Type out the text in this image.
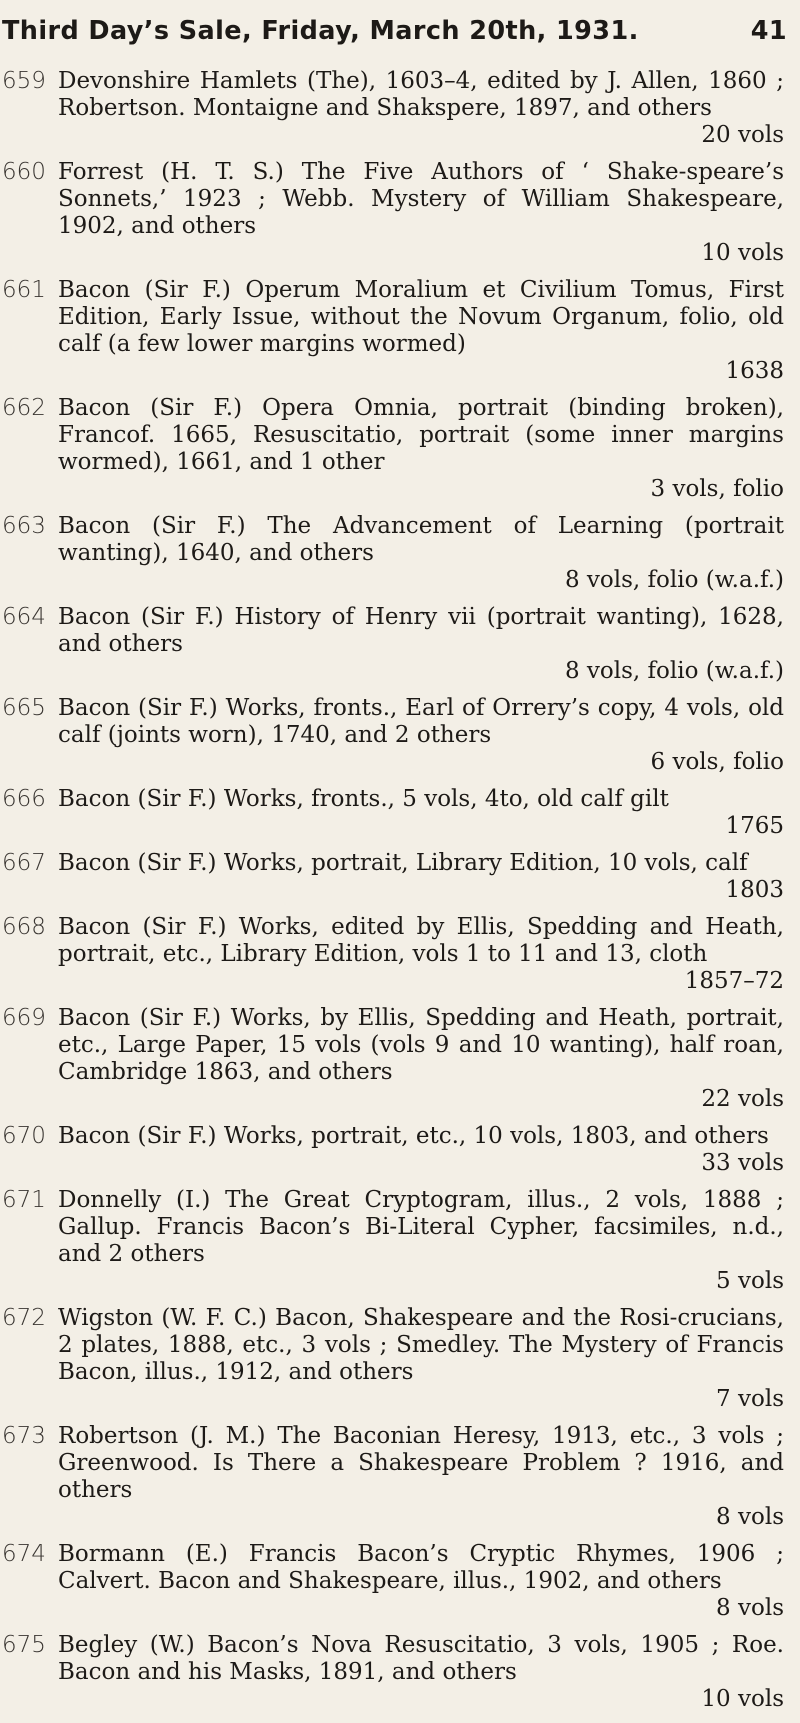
Third Day’s Sale, Friday, March 20th, 1931.	41
659 Devonshire Hamlets (The), 1603–4, edited by J. Allen, 1860 ; Robertson. Montaigne and Shakspere, 1897, and others
20 vols
660 Forrest (H. T. S.) The Five Authors of ‘ Shake-speare’s Sonnets,’ 1923 ; Webb. Mystery of William Shakespeare, 1902, and others
10 vols
661 Bacon (Sir F.) Operum Moralium et Civilium Tomus, First Edition, Early Issue, without the Novum Organum, folio, old calf (a few lower margins wormed)
1638
662 Bacon (Sir F.) Opera Omnia, portrait (binding broken), Francof. 1665, Resuscitatio, portrait (some inner margins wormed), 1661, and 1 other
3 vols, folio
663 Bacon (Sir F.) The Advancement of Learning (portrait wanting), 1640, and others
8 vols, folio (w.a.f.)
664 Bacon (Sir F.) History of Henry vii (portrait wanting), 1628, and others
8 vols, folio (w.a.f.)
665 Bacon (Sir F.) Works, fronts., Earl of Orrery’s copy, 4 vols, old calf (joints worn), 1740, and 2 others
6 vols, folio
666 Bacon (Sir F.) Works, fronts., 5 vols, 4to, old calf gilt
1765
667 Bacon (Sir F.) Works, portrait, Library Edition, 10 vols, calf
1803
668 Bacon (Sir F.) Works, edited by Ellis, Spedding and Heath, portrait, etc., Library Edition, vols 1 to 11 and 13, cloth
1857–72
669 Bacon (Sir F.) Works, by Ellis, Spedding and Heath, portrait, etc., Large Paper, 15 vols (vols 9 and 10 wanting), half roan, Cambridge 1863, and others
22 vols
670 Bacon (Sir F.) Works, portrait, etc., 10 vols, 1803, and others
33 vols
671 Donnelly (I.) The Great Cryptogram, illus., 2 vols, 1888 ; Gallup. Francis Bacon’s Bi-Literal Cypher, facsimiles, n.d., and 2 others
5 vols
672 Wigston (W. F. C.) Bacon, Shakespeare and the Rosi-crucians, 2 plates, 1888, etc., 3 vols ; Smedley. The Mystery of Francis Bacon, illus., 1912, and others
7 vols
673 Robertson (J. M.) The Baconian Heresy, 1913, etc., 3 vols ; Greenwood. Is There a Shakespeare Problem ? 1916, and others
8 vols
674 Bormann (E.) Francis Bacon’s Cryptic Rhymes, 1906 ; Calvert. Bacon and Shakespeare, illus., 1902, and others
8 vols
675 Begley (W.) Bacon’s Nova Resuscitatio, 3 vols, 1905 ; Roe. Bacon and his Masks, 1891, and others
10 vols
